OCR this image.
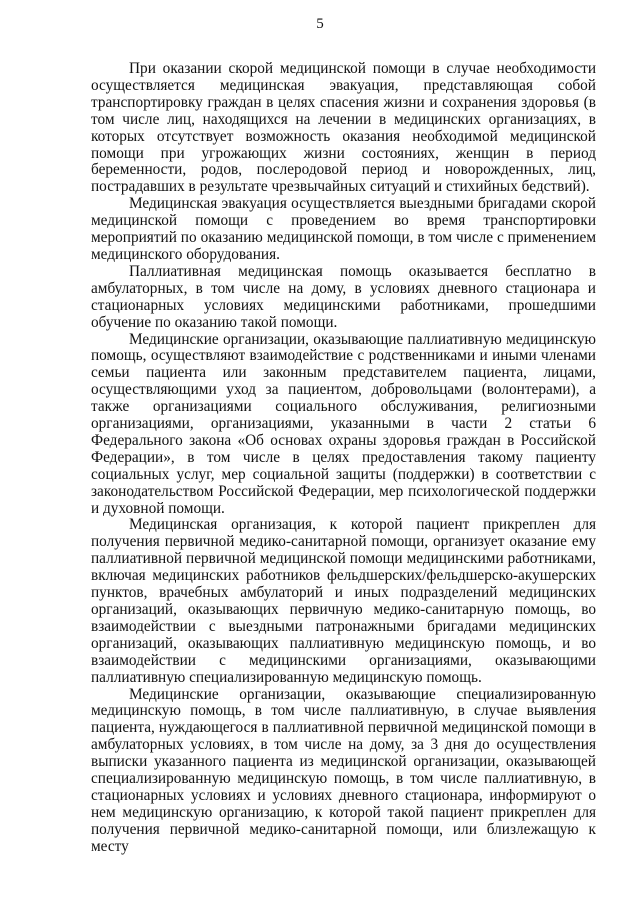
5

При оказании скорой медицинской помощи в случае необходимости осуществляется медицинская эвакуация, представляющая собой транспортировку граждан в целях спасения жизни и сохранения здоровья (в том числе лиц, находящихся на лечении в медицинских организациях, в которых отсутствует возможность оказания необходимой медицинской помощи при угрожающих жизни состояниях, женщин в период беременности, родов, послеродовой период и новорожденных, лиц, пострадавших в результате чрезвычайных ситуаций и стихийных бедствий).

Медицинская эвакуация осуществляется выездными бригадами скорой медицинской помощи с проведением во время транспортировки мероприятий по оказанию медицинской помощи, в том числе с применением медицинского оборудования.

Паллиативная медицинская помощь оказывается бесплатно в амбулаторных, в том числе на дому, в условиях дневного стационара и стационарных условиях медицинскими работниками, прошедшими обучение по оказанию такой помощи.

Медицинские организации, оказывающие паллиативную медицинскую помощь, осуществляют взаимодействие с родственниками и иными членами семьи пациента или законным представителем пациента, лицами, осуществляющими уход за пациентом, добровольцами (волонтерами), а также организациями социального обслуживания, религиозными организациями, организациями, указанными в части 2 статьи 6 Федерального закона «Об основах охраны здоровья граждан в Российской Федерации», в том числе в целях предоставления такому пациенту социальных услуг, мер социальной защиты (поддержки) в соответствии с законодательством Российской Федерации, мер психологической поддержки и духовной помощи.

Медицинская организация, к которой пациент прикреплен для получения первичной медико-санитарной помощи, организует оказание ему паллиативной первичной медицинской помощи медицинскими работниками, включая медицинских работников фельдшерских/фельдшерско-акушерских пунктов, врачебных амбулаторий и иных подразделений медицинских организаций, оказывающих первичную медико-санитарную помощь, во взаимодействии с выездными патронажными бригадами медицинских организаций, оказывающих паллиативную медицинскую помощь, и во взаимодействии с медицинскими организациями, оказывающими паллиативную специализированную медицинскую помощь.

Медицинские организации, оказывающие специализированную медицинскую помощь, в том числе паллиативную, в случае выявления пациента, нуждающегося в паллиативной первичной медицинской помощи в амбулаторных условиях, в том числе на дому, за 3 дня до осуществления выписки указанного пациента из медицинской организации, оказывающей специализированную медицинскую помощь, в том числе паллиативную, в стационарных условиях и условиях дневного стационара, информируют о нем медицинскую организацию, к которой такой пациент прикреплен для получения первичной медико-санитарной помощи, или близлежащую к месту
